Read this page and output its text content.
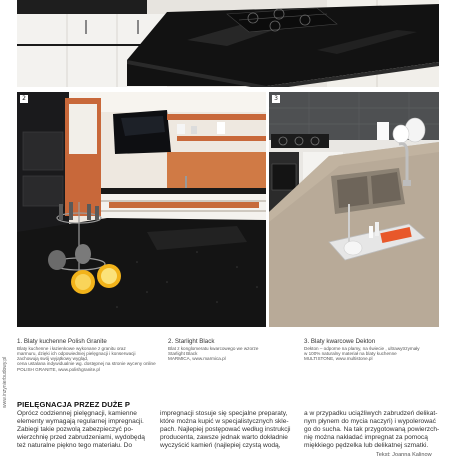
2	3
1. Blaty kuchenne Polish Granite
Blaty kuchenne i łazienkowe wykonane z granitu oraz
marmuru, dzięki ich odpowiedniej pielęgnacji i konserwacji
zachowują swój wyjątkowy wygląd,
cena ustalana indywidualnie wg. dostępnej na stronie wyceny online
POLISH GRANITE, www.polishgranite.pl
2. Starlight Black
Blat z konglomeratu kwarcowego we wzorze
Starlight Black
MARMICA, www.marmica.pl
3. Blaty kwarcowe Dekton
Dekton – odporne na plamy, na świecie , ultrawytrzymały
w 100% naturalny materiał na blaty kuchenne
MULTISTONE, www.multistone.pl
PIELĘGNACJA PRZEZ DUŻE P
Oprócz codziennej pielęgnacji, kamienne
elementy wymagają regularnej impregnacji.
Zabiegi takie pozwolą zabezpieczyć po-
wierzchnię przed zabrudzeniami, wydobędą
też naturalne piękno tego materiału. Do
impregnacji stosuje się specjalne preparaty,
które można kupić w specjalistycznych skle-
pach. Najlepiej postępować według instrukcji
producenta, zawsze jednak warto dokładnie
wyczyścić kamień (najlepiej czystą wodą,
a w przypadku uciążliwych zabrudzeń delikat-
nym płynem do mycia naczyń) i wypolerować
go do sucha. Na tak przygotowaną powierzch-
nię można nakładać impregnat za pomocą
miękkiego pędzelka lub delikatnej szmatki.
Tekst: Joanna Kalinow
www.inzynierbudowy.pl
